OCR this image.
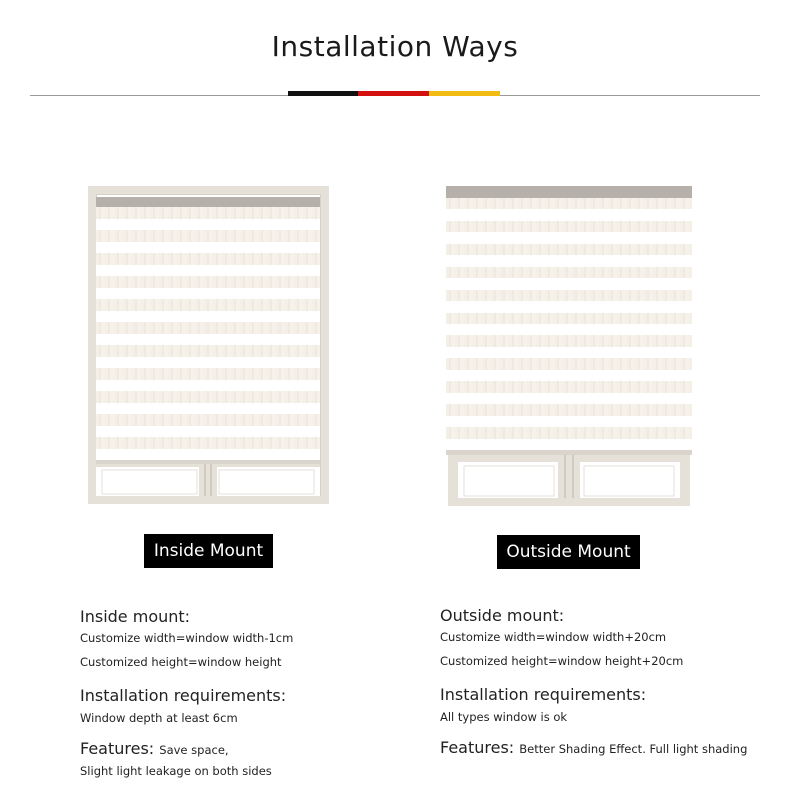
Installation Ways
Inside Mount	Outside Mount
Inside mount:
Customize width=window width-1cm
Customized height=window height
Installation requirements:
Window depth at least 6cm
Features: Save space,
Slight light leakage on both sides
Outside mount:
Customize width=window width+20cm
Customized height=window height+20cm
Installation requirements:
All types window is ok
Features: Better Shading Effect. Full light shading
